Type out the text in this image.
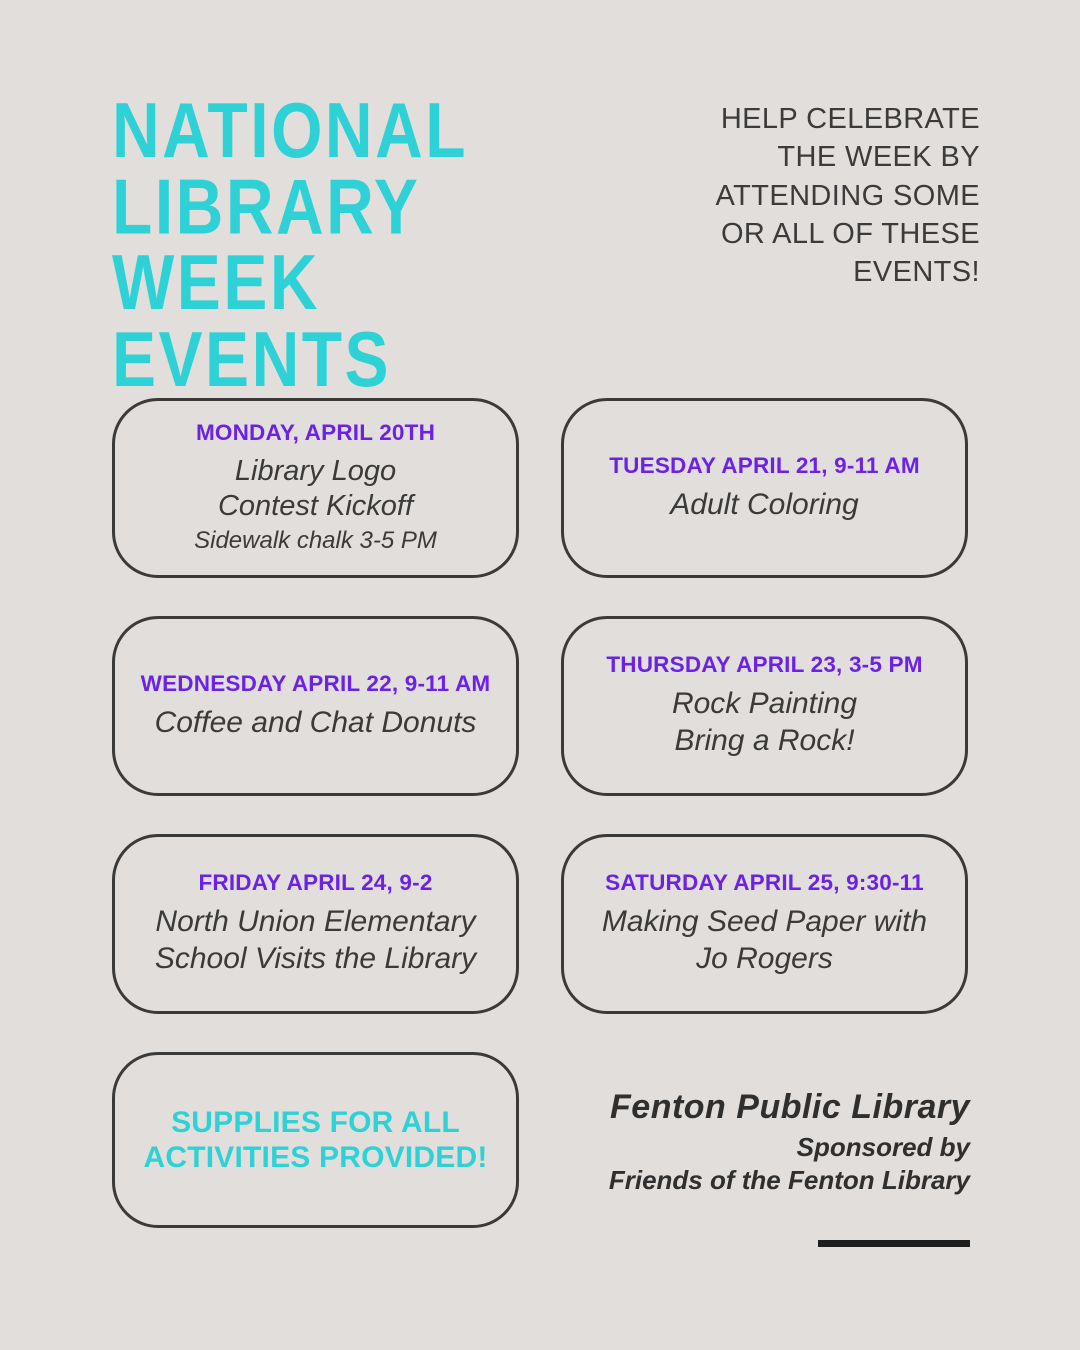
NATIONAL
LIBRARY
WEEK
EVENTS
HELP CELEBRATE THE WEEK BY ATTENDING SOME OR ALL OF THESE EVENTS!
MONDAY, APRIL 20TH
Library Logo
Contest Kickoff
Sidewalk chalk 3-5 PM
TUESDAY APRIL 21, 9-11 AM
Adult Coloring
WEDNESDAY APRIL 22, 9-11 AM
Coffee and Chat Donuts
THURSDAY APRIL 23, 3-5 PM
Rock Painting
Bring a Rock!
FRIDAY APRIL 24, 9-2
North Union Elementary
School Visits the Library
SATURDAY APRIL 25, 9:30-11
Making Seed Paper with
Jo Rogers
SUPPLIES FOR ALL
ACTIVITIES PROVIDED!
Fenton Public Library
Sponsored by
Friends of the Fenton Library
